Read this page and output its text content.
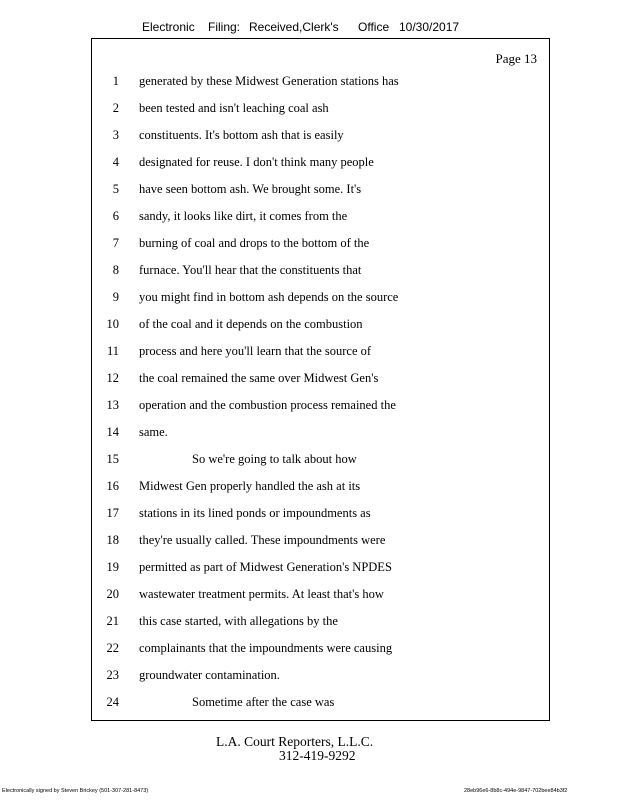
Electronic Filing: Received,Clerk's Office 10/30/2017
Page 13
1 generated by these Midwest Generation stations has
2 been tested and isn't leaching coal ash
3 constituents. It's bottom ash that is easily
4 designated for reuse. I don't think many people
5 have seen bottom ash. We brought some. It's
6 sandy, it looks like dirt, it comes from the
7 burning of coal and drops to the bottom of the
8 furnace. You'll hear that the constituents that
9 you might find in bottom ash depends on the source
10 of the coal and it depends on the combustion
11 process and here you'll learn that the source of
12 the coal remained the same over Midwest Gen's
13 operation and the combustion process remained the
14 same.
15	So we're going to talk about how
16 Midwest Gen properly handled the ash at its
17 stations in its lined ponds or impoundments as
18 they're usually called. These impoundments were
19 permitted as part of Midwest Generation's NPDES
20 wastewater treatment permits. At least that's how
21 this case started, with allegations by the
22 complainants that the impoundments were causing
23 groundwater contamination.
24	Sometime after the case was
L.A. Court Reporters, L.L.C.
312-419-9292
Electronically signed by Steven Brickey (501-307-281-8473)	28eb96e6-8b8c-494e-9847-702bee84b3f2
